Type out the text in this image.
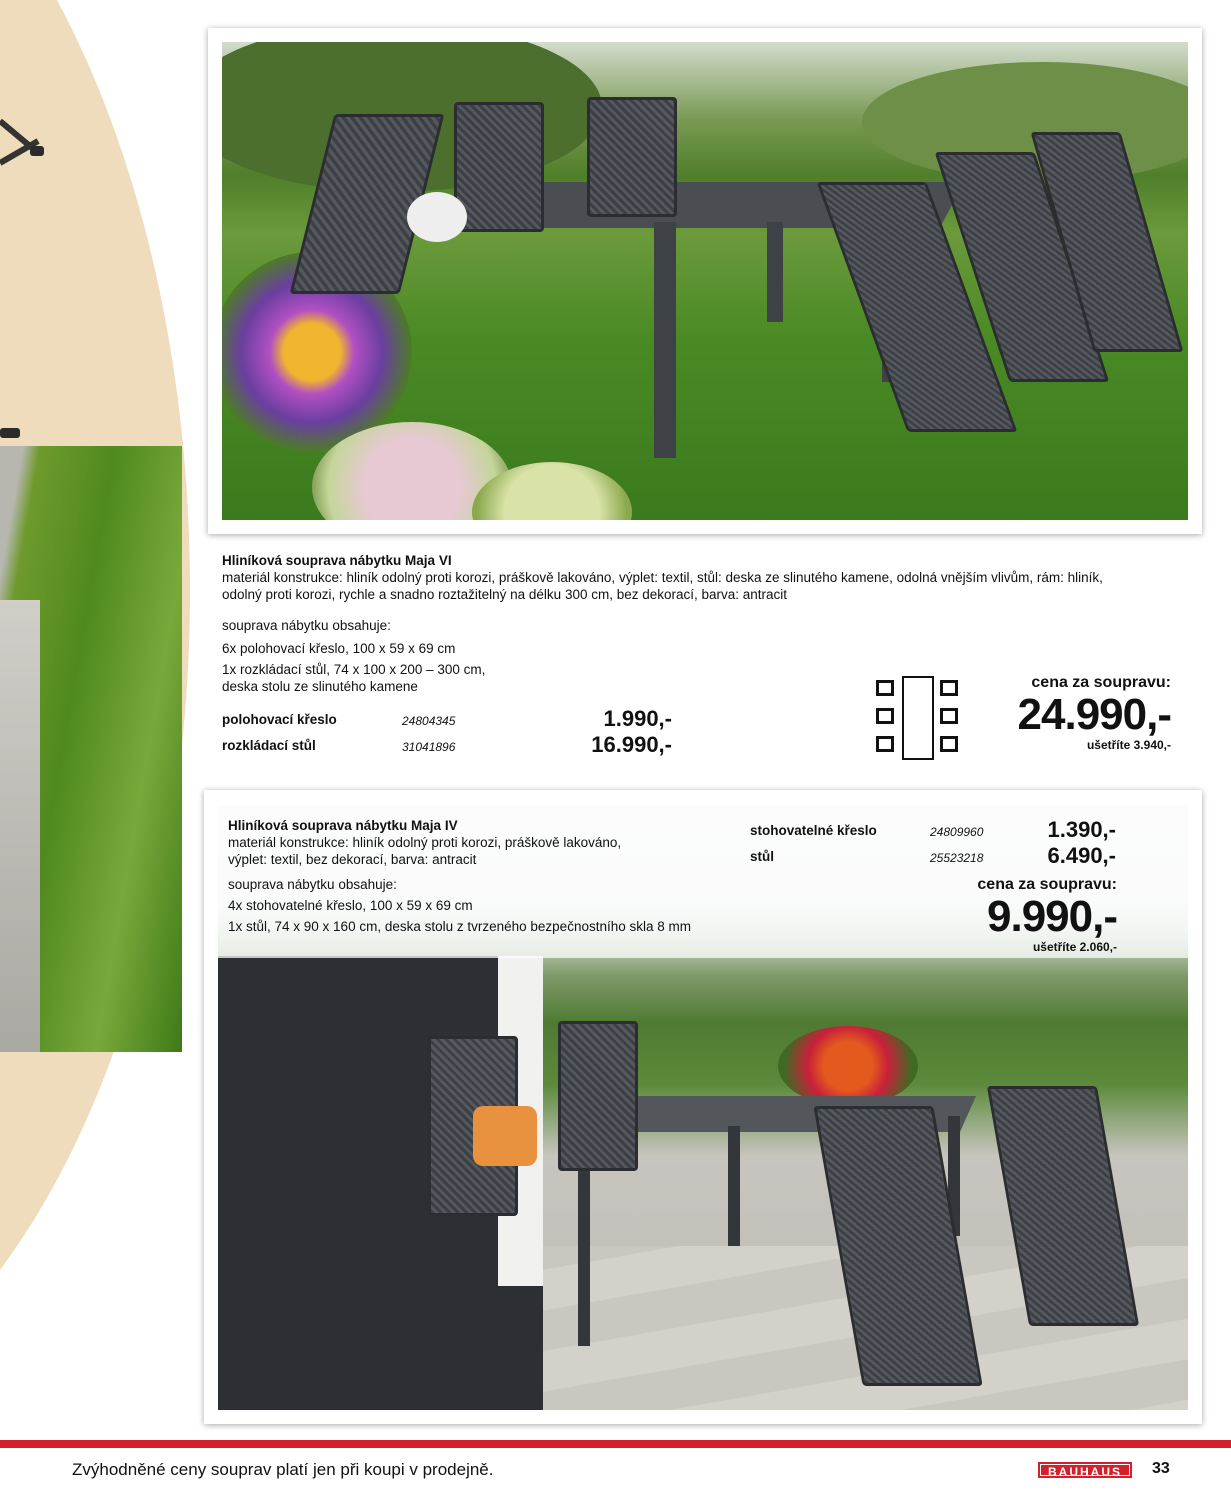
Hliníková souprava nábytku Maja VI
materiál konstrukce: hliník odolný proti korozi, práškově lakováno, výplet: textil, stůl: deska ze slinutého kamene, odolná vnějším vlivům, rám: hliník, odolný proti korozi, rychle a snadno roztažitelný na délku 300 cm, bez dekorací, barva: antracit
souprava nábytku obsahuje:
6x polohovací křeslo, 100 x 59 x 69 cm
1x rozkládací stůl, 74 x 100 x 200 – 300 cm,
deska stolu ze slinutého kamene
polohovací křeslo	24804345	1.990,-
rozkládací stůl	31041896	16.990,-
cena za soupravu:
24.990,-
ušetříte 3.940,-
Hliníková souprava nábytku Maja IV
materiál konstrukce: hliník odolný proti korozi, práškově lakováno, výplet: textil, bez dekorací, barva: antracit
souprava nábytku obsahuje:
4x stohovatelné křeslo, 100 x 59 x 69 cm
1x stůl, 74 x 90 x 160 cm, deska stolu z tvrzeného bezpečnostního skla 8 mm
stohovatelné křeslo	24809960	1.390,-
stůl	25523218	6.490,-
cena za soupravu:
9.990,-
ušetříte 2.060,-
Zvýhodněné ceny souprav platí jen při koupi v prodejně.	BAUHAUS	33
